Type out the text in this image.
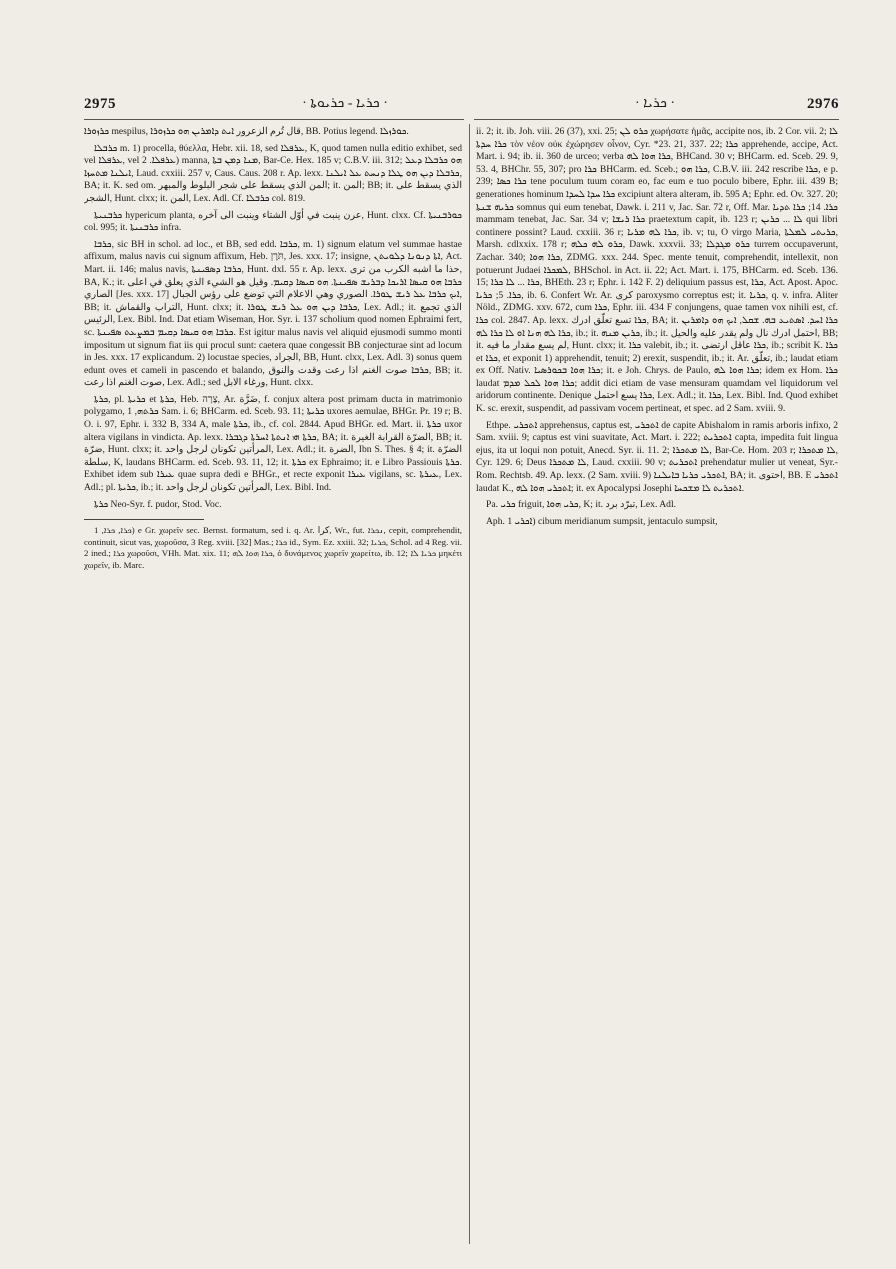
2975	· ܟܪܝܐ - ܟܪܝܘܬܐ ·	· ܟܪܝܐ ·	2976

ܟܪܙܘܪܐ mespilus, قال تُرم الزعرور ܐܝܬ ܕܐܡܪܝܢ ܗܘ ܟܪܙܘܪܐ, BB. Potius legend. ܟܘܪܙܠܐ.

ܟܪܒܠܐ m. 1) procella, θύελλα, Hebr. xii. 18, sed ܥܪܦܠܐ, K, quod tamen nulla editio exhibet, sed vel ܥܪܦܠܐ, vel ܥܪܦܠܐ. 2) manna, ܡܢܐ ܕܡܢ ܒܬܐ, Bar-Ce. Hex. 185 v; C.B.V. iii. 312; ܗܘ ܟܪܒܠܐ ܕܥܠ ܐܝܠܢܐ ܡܬܚܙܐ, Laud. cxxiii. 257 v, Caus. Caus. 208 r. Ap. lexx. ܟܪܒܠܐ ܕܝܢ ܗܘ ܛܠܐ ܕܢܚܬ ܥܠ ܐܝܠܢܐ, BA; it. K. sed om. المن الذي يسقط على شجر البلوط والمبهر; it. المن; BB; it. الذي يسقط على الشجر, Hunt. clxx; it. المن, Lex. Adl. Cf. ܟܪܒܠܐ col. 819.

ܟܪܒܢܝܬܐ hypericum planta, عرن ينبت في أوّل الشتاء وينبت الى آخره, Hunt. clxx. Cf. ܟܘܪܒܢܝܬܐ col. 995; it. ܟܪܒܢܝܬܐ infra.

ܟܪܒܐ, sic BH in schol. ad loc., et BB, sed edd. ܟܪܒܐ, m. 1) signum elatum vel summae hastae affixum, malus navis cui signum affixum, Heb. תֹּרֶן, Jes. xxx. 17; insigne, ܐܬܐ ܕܢܘܢܐ ܕܠܘܝܬܢ, Act. Mart. ii. 146; malus navis, ܟܪܒܐ ܕܣܦܝܢܬܐ, Hunt. dxl. 55 r. Ap. lexx. حذا ما اشبه الكرب من ترى, BA, K.; it. ܟܪܒܐ ܗܘ ܩܝܣܐ ܐܪܝܟܐ ܕܒܪܝܫ ܣܦܝܢܬܐ. ܗܘ ܩܝܣܐ ܕܩܝܡ. وقيل هو الشيء الذي يعلق في اعلى الصاري [Jes. xxx. 17] ܐܝܟ ܟܪܒܐ ܥܠ ܪܝܫ ܛܘܪܐ. الصوري وهي الاعلام التي توضع على رؤس الجبال, BB; it. التراب والقماش, Hunt. clxx; it. ܟܪܒܐ ܕܝܢ ܗܘ ܥܠ ܪܝܫ ܛܘܪܐ, Lex. Adl.; it. الذي تجمع الرئيس, Lex. Bibl. Ind. Dat etiam Wiseman, Hor. Syr. i. 137 scholium quod nomen Ephraimi fert, sc. ܟܪܒܐ ܗܘ ܩܝܣܐ ܕܩܝܡ ܒܡܨܥܬ ܣܦܝܢܬܐ. Est igitur malus navis vel aliquid ejusmodi summo monti impositum ut signum fiat iis qui procul sunt: caetera quae congessit BB conjecturae sint ad locum in Jes. xxx. 17 explicandum. 2) locustae species, الجراد, BB, Hunt. clxx, Lex. Adl. 3) sonus quem edunt oves et cameli in pascendo et balando, ܟܪܒܐ صوت الغنم اذا رعت وقدت والنوق, BB; it. صوت الغنم اذا رعت, Lex. Adl.; sed ورغاء الابل, Hunt. clxx.

ܟܪܬܐ, pl. ܟܪܝܬܐ et ܟܪܬܐ, Heb. צָרָה, Ar. ضَرَّة, f. conjux altera post primam ducta in matrimonio polygamo, ܟܪܬܗ, 1 Sam. i. 6; BHCarm. ed. Sceb. 93. 11; ܟܪܝܬܐ uxores aemulae, BHGr. Pr. 19 r; B. O. i. 97, Ephr. i. 332 B, 334 A, male ܟܪܬܐ, ib., cf. col. 2844. Apud BHGr. ed. Mart. ii. ܟܪܬܐ uxor altera vigilans in vindicta. Ap. lexx. ܟܪܬܐ ܗܝ ܐܢܬܬܐ ܐܚܪܬܐ ܕܓܒܪܐ, BA; it. الضرّة القرابة الغيرة, BB; it. ضرّة, Hunt. clxx; it. المرأتين تكونان لرجل واحد, Lex. Adl.; it. الضرة, Ibn S. Thes. § 4; it. الضرّة سلطة, K, laudans BHCarm. ed. Sceb. 93. 11, 12; it. ܟܪܬܐ ex Ephraimo; it. e Libro Passiouis ܟܪܬܐ. Exhibet idem sub ܥܝܪܐ quae supra dedi e BHGr., et recte exponit ܥܝܪܐ vigilans, sc. ܥܝܪܬܐ, Lex. Adl.; pl. ܟܪܝܬܐ, ib.; it. المرأتين تكونان لرجل واحد, Lex. Bibl. Ind.

ܟܪܬܐ Neo-Syr. f. pudor, Stod. Voc.

ܟܪܐ, ܟܪܐ, 1) e Gr. χωρεῖν sec. Bernst. formatum, sed i. q. Ar. كرا, Wr., fut. ܢܟܪܐ, cepit, comprehendit, continuit, sicut vas, χωροῦσα, 3 Reg. xviii. [32] Mas.; ܟܪܐ id., Sym. Ez. xxiii. 32; ܟܪܝܐ, Schol. ad 4 Reg. vii. 2 ined.; ܟܪܐ χωροῦσι, VHh. Mat. xix. 11; ܟܪܐ ܗܘܐ ܠܗ, ὁ δυνάμενος χωρεῖν χωρείτω, ib. 12; ܟܪܝܐ ܠܐ μηκέτι χωρεῖν, ib. Marc.

ii. 2; it. ib. Joh. viii. 26 (37), xxi. 25; ܟܪܘ ܠܢ χωρήσατε ἡμᾶς, accipite nos, ib. 2 Cor. vii. 2; ܠܐ ܟܪܐ ܚܕܬܐ τὸν νέον οὐκ ἐχώρησεν οἶνον, Cyr. *23. 21, 337. 22; ܟܪܐ apprehende, accipe, Act. Mart. i. 94; ib. ii. 360 de urceo; verba ܟܪܐ ܗܘܐ ܠܗ, BHCand. 30 v; BHCarm. ed. Sceb. 29. 9, 53. 4, BHChr. 55, 307; pro ܟܪܐ BHCarm. ed. Sceb.; ܟܪܐ ܗܘ, C.B.V. iii. 242 rescribe ܟܪܐ, e p. 239; ܟܪܐ ܟܣܐ tene poculum tuum coram eo, fac eum e tuo poculo bibere, Ephr. iii. 439 B; generationes hominum ܟܪܐ ܚܕܐ ܠܚܕܐ excipiunt altera alteram, ib. 595 A; Ephr. ed. Ov. 327. 20; ܟܪܝܗ ܫܢܬܐ somnus qui eum tenebat, Dawk. i. 211 v, Jac. Sar. 72 r, Off. Mar. ܟܪܐ. 14; ܟܪܐ ܬܕܝܐ mammam tenebat, Jac. Sar. 34 v; ܟܪܐ ܪܝܫܐ praetextum capit, ib. 123 r; ܠܐ ... ܟܪܝܢ qui libri continere possint? Laud. cxxiii. 36 r; ܟܪܐ ܠܗ ܡܪܝܐ, ib. v; tu, O virgo Maria, ܟܪܝܬܝ ܠܡܠܬܐ, Marsh. cdlxxix. 178 r; ܟܪܘ ܠܗ ܟܠܗ, Dawk. xxxvii. 33; ܟܪܘ ܡܓܕܠܐ turrem occupaverunt, Zachar. 340; ܟܪܐ ܗܘܐ, ZDMG. xxx. 244. Spec. mente tenuit, comprehendit, intellexit, non potuerunt Judaei ܠܡܟܪܐ, BHSchol. in Act. ii. 22; Act. Mart. i. 175, BHCarm. ed. Sceb. 136. 15; ܟܪܐ ... ܠܐ ܟܪܐ, BHEth. 23 r; Ephr. i. 142 F. 2) deliquium passus est, ܟܪܐ, Act. Apost. Apoc. ܟܪܐ. 5; ܟܪܝܐ, ib. 6. Confert Wr. Ar. كرى paroxysmo correptus est; it. ܟܪܝܐ, q. v. infra. Aliter Nöld., ZDMG. xxv. 672, cum ܟܪܐ, Ephr. iii. 434 F conjungens, quae tamen vox nihili est, cf. ܟܪܐ col. 2847. Ap. lexx. ܟܪܐ تسع تعلّق ادرك, BA; it. ܟܪܐ ܐܚܕ. ܐܣܬܝܥ ܒܗ. ܫܩܠ, ܐܝܟ ܗܘ ܕܐܡܪܝܢ ܟܪܐ ܠܗ ܗܢܐ ܐܘ ܠܐ ܟܪܐ ܠܗ, ib.; it. ܟܪܝܢ ܡܢܗ, ib.; it. احتمل ادرك نال ولم يقدر عليه والحيل, BB; it. لم يسع مقدار ما فيه, Hunt. clxx; it. ܟܪܐ valebit, ib.; it. ܟܪܐ عاقل ارتضى, ib.; scribit K. ܟܪܐ et ܟܪܐ, et exponit 1) apprehendit, tenuit; 2) erexit, suspendit, ib.; it. Ar. تعلّق, ib.; laudat etiam ex Off. Nativ. ܟܪܐ ܗܘܐ ܒܟܘܪܣܝܐ; it. e Joh. Chrys. de Paulo, ܟܪܐ ܗܘܐ ܠܗ; idem ex Hom. ܟܪܐ laudat ܟܪܐ ܗܘܐ ܠܟܠ ܡܕܡ; addit dici etiam de vase mensuram quamdam vel liquidorum vel aridorum continente. Denique ܟܪܐ يسع احتمل, Lex. Adl.; it. ܟܪܐ, Lex. Bibl. Ind. Quod exhibet K. sc. erexit, suspendit, ad passivam vocem pertineat, et spec. ad 2 Sam. xviii. 9.

Ethpe. ܐܬܟܪܝ apprehensus, captus est, ܐܬܟܪܝ de capite Abishalom in ramis arboris infixo, 2 Sam. xviii. 9; captus est vini suavitate, Act. Mart. i. 222; ܐܬܟܪܝܬ capta, impedita fuit lingua ejus, ita ut loqui non potuit, Anecd. Syr. ii. 11. 2; ܠܐ ܡܬܟܪܐ, Bar-Ce. Hom. 203 r; ܠܐ ܡܬܟܪܐ, Cyr. 129. 6; Deus ܠܐ ܡܬܟܪܐ, Laud. cxxiii. 90 v; ܐܬܟܪܝܬ prehendatur mulier ut veneat, Syr.-Rom. Rechtsb. 49. Ap. lexx. (2 Sam. xviii. 9) ܐܬܟܪܝ ܟܪܝܐ ܒܐܝܠܢܐ, BA; it. احتوى, BB. E ܐܬܟܪܝ laudat K., ܐܬܟܪܝ ܗܘܐ ܠܗ; it. ex Apocalypsi Josephi ܐܬܟܪܝܬ ܠܐ ܡܫܟܚܐ.

Pa. ܟܪܝ friguit, ܟܪܝ ܗܘܐ, K; it. تبرّد برد, Lex. Adl.

Aph. ܐܟܪܝ 1) cibum meridianum sumpsit, jentaculo sumpsit,
